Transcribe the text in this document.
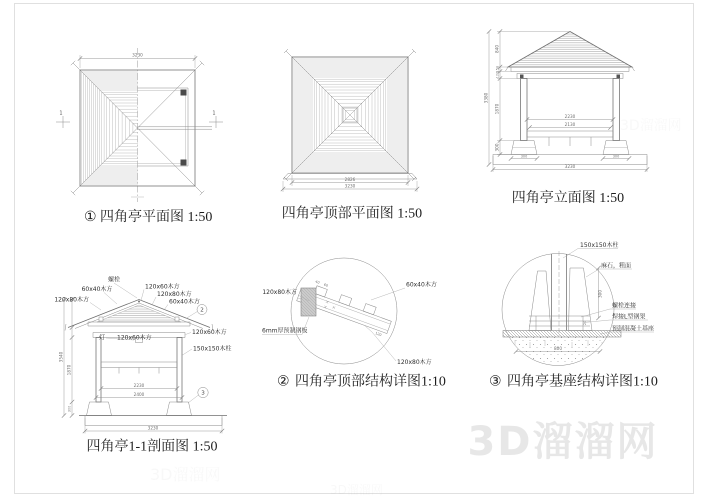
3D溜溜网
3D溜溜网
3D溜溜网
3230
1	1
① 四角亭平面图 1:50
2826
3230
四角亭顶部平面图 1:50
840
150
120
1870
300
3380
2230
2130
300	300
3230
四角亭立面图 1:50
2230
2400
3230
1870
300
3540
螺栓
60x40木方
120x80木方
120x60木方
120x80木方
60x40木方
2
灯 120x60木方
120x60木方
150x150木柱
3
四角亭1-1剖面图 1:50
40
60
120
120x80木方
60x40木方
6mm厚预制钢板
120x80木方
② 四角亭顶部结构详图1:10
300
20
800
150x150木柱
麻石，粗面
螺栓连接
焊接L型钢架
预制混凝土基座
③ 四角亭基座结构详图1:10
3D溜溜网
